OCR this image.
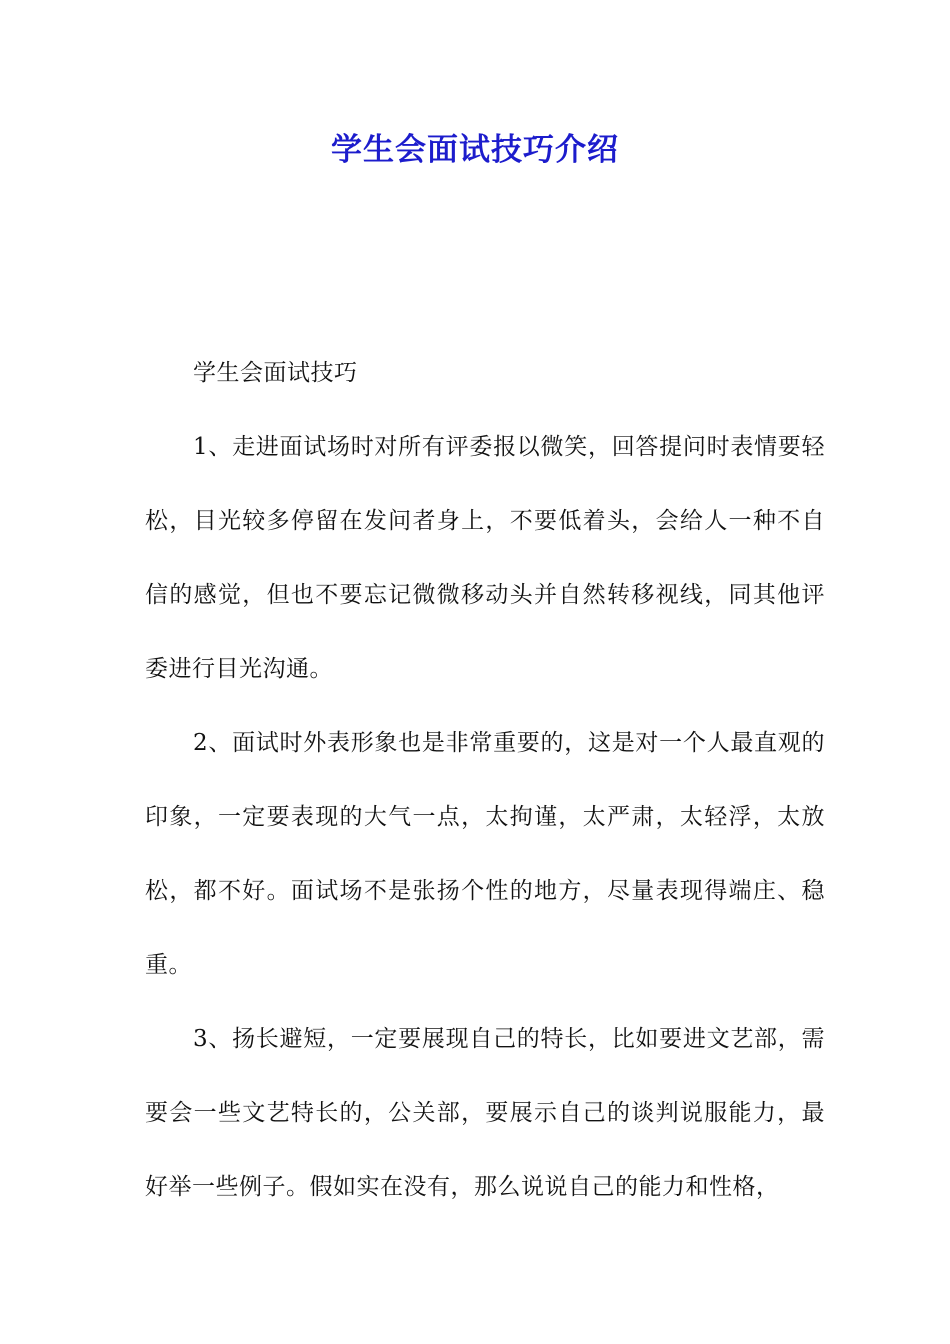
学生会面试技巧介绍

学生会面试技巧

1、走进面试场时对所有评委报以微笑，回答提问时表情要轻松，目光较多停留在发问者身上，不要低着头，会给人一种不自信的感觉，但也不要忘记微微移动头并自然转移视线，同其他评委进行目光沟通。

2、面试时外表形象也是非常重要的，这是对一个人最直观的印象，一定要表现的大气一点，太拘谨，太严肃，太轻浮，太放松，都不好。面试场不是张扬个性的地方，尽量表现得端庄、稳重。

3、扬长避短，一定要展现自己的特长，比如要进文艺部，需要会一些文艺特长的，公关部，要展示自己的谈判说服能力，最好举一些例子。假如实在没有，那么说说自己的能力和性格，
